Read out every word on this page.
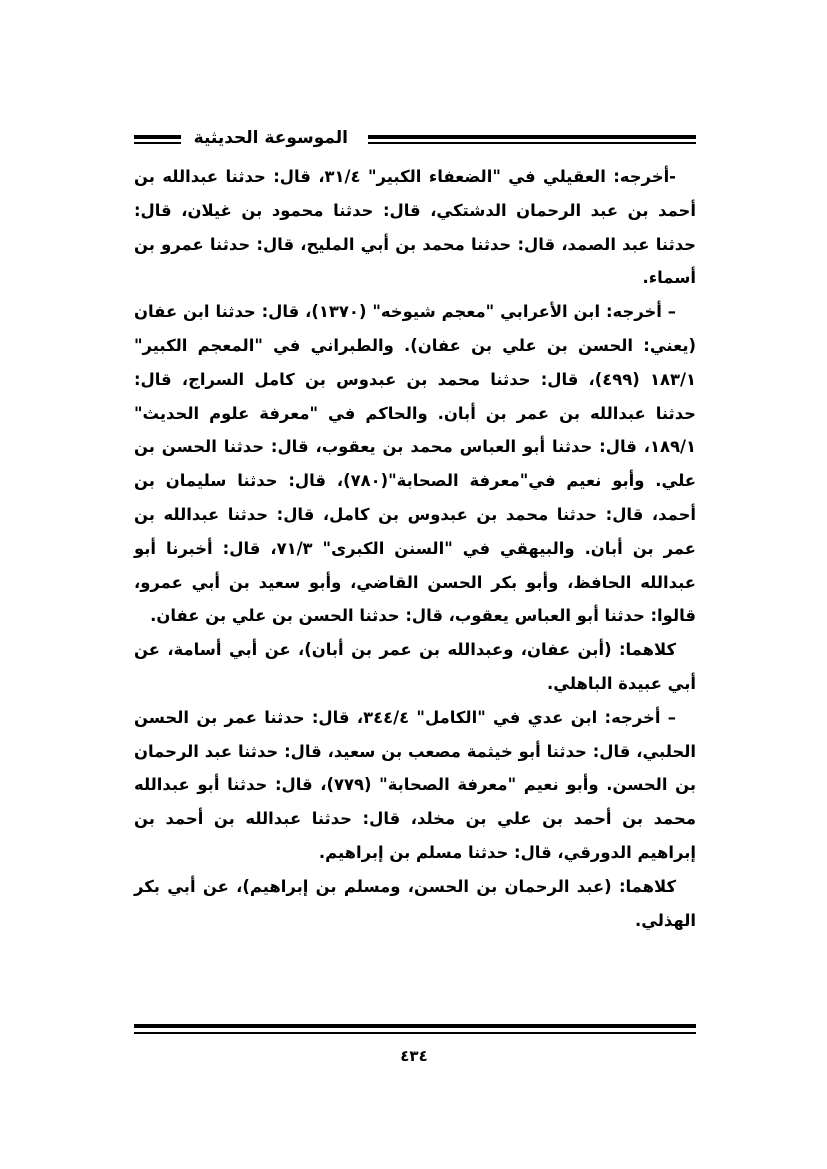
الموسوعة الحديثية

-أخرجه: العقيلي في "الضعفاء الكبير" ٣١/٤، قال: حدثنا عبدالله بن أحمد بن عبد الرحمان الدشتكي، قال: حدثنا محمود بن غيلان، قال: حدثنا عبد الصمد، قال: حدثنا محمد بن أبي المليح، قال: حدثنا عمرو بن أسماء.

– أخرجه: ابن الأعرابي "معجم شيوخه" (١٣٧٠)، قال: حدثنا ابن عفان (يعني: الحسن بن علي بن عفان). والطبراني في "المعجم الكبير" ١٨٣/١ (٤٩٩)، قال: حدثنا محمد بن عبدوس بن كامل السراج، قال: حدثنا عبدالله بن عمر بن أبان. والحاكم في "معرفة علوم الحديث" ١٨٩/١، قال: حدثنا أبو العباس محمد بن يعقوب، قال: حدثنا الحسن بن علي. وأبو نعيم في"معرفة الصحابة"(٧٨٠)، قال: حدثنا سليمان بن أحمد، قال: حدثنا محمد بن عبدوس بن كامل، قال: حدثنا عبدالله بن عمر بن أبان. والبيهقي في "السنن الكبرى" ٧١/٣، قال: أخبرنا أبو عبدالله الحافظ، وأبو بكر الحسن القاضي، وأبو سعيد بن أبي عمرو، قالوا: حدثنا أبو العباس يعقوب، قال: حدثنا الحسن بن علي بن عفان.

كلاهما: (أبن عفان، وعبدالله بن عمر بن أبان)، عن أبي أسامة، عن أبي عبيدة الباهلي.

– أخرجه: ابن عدي في "الكامل" ٣٤٤/٤، قال: حدثنا عمر بن الحسن الحلبي، قال: حدثنا أبو خيثمة مصعب بن سعيد، قال: حدثنا عبد الرحمان بن الحسن. وأبو نعيم "معرفة الصحابة" (٧٧٩)، قال: حدثنا أبو عبدالله محمد بن أحمد بن علي بن مخلد، قال: حدثنا عبدالله بن أحمد بن إبراهيم الدورقي، قال: حدثنا مسلم بن إبراهيم.

كلاهما: (عبد الرحمان بن الحسن، ومسلم بن إبراهيم)، عن أبي بكر الهذلي.

٤٣٤
